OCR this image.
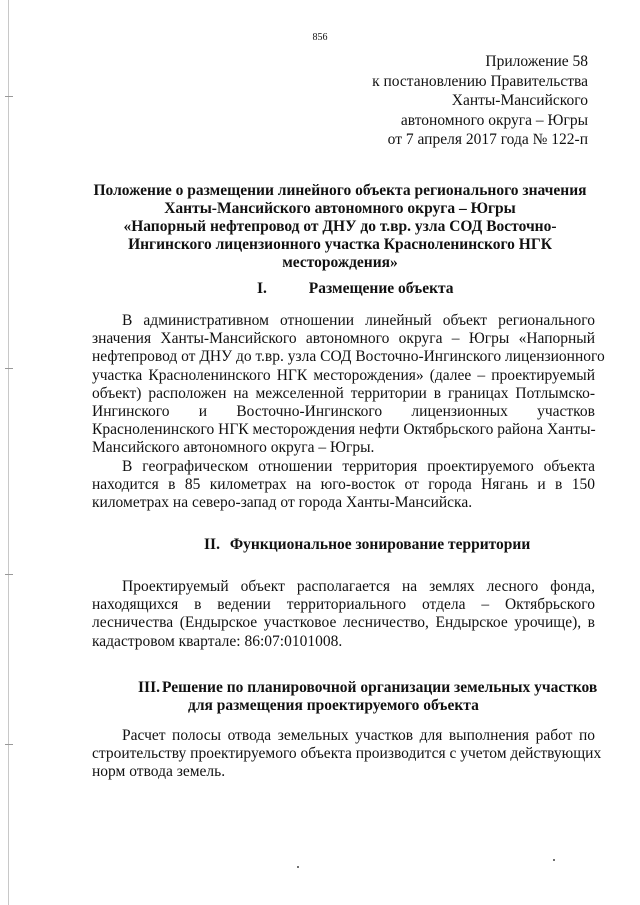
856
Приложение 58
к постановлению Правительства
Ханты-Мансийского
автономного округа – Югры
от 7 апреля 2017 года № 122-п
Положение о размещении линейного объекта регионального значения
Ханты-Мансийского автономного округа – Югры
«Напорный нефтепровод от ДНУ до т.вр. узла СОД Восточно-
Ингинского лицензионного участка Красноленинского НГК
месторождения»
I.	Размещение объекта
В административном отношении линейный объект регионального
значения Ханты-Мансийского автономного округа – Югры «Напорный
нефтепровод от ДНУ до т.вр. узла СОД Восточно-Ингинского лицензионного
участка Красноленинского НГК месторождения» (далее – проектируемый
объект) расположен на межселенной территории в границах Потлымско-
Ингинского и Восточно-Ингинского лицензионных участков
Красноленинского НГК месторождения нефти Октябрьского района Ханты-
Мансийского автономного округа – Югры.
В географическом отношении территория проектируемого объекта
находится в 85 километрах на юго-восток от города Нягань и в 150
километрах на северо-запад от города Ханты-Мансийска.
II. Функциональное зонирование территории
Проектируемый объект располагается на землях лесного фонда,
находящихся в ведении территориального отдела – Октябрьского
лесничества (Ендырское участковое лесничество, Ендырское урочище), в
кадастровом квартале: 86:07:0101008.
III. Решение по планировочной организации земельных участков
для размещения проектируемого объекта
Расчет полосы отвода земельных участков для выполнения работ по
строительству проектируемого объекта производится с учетом действующих
норм отвода земель.
